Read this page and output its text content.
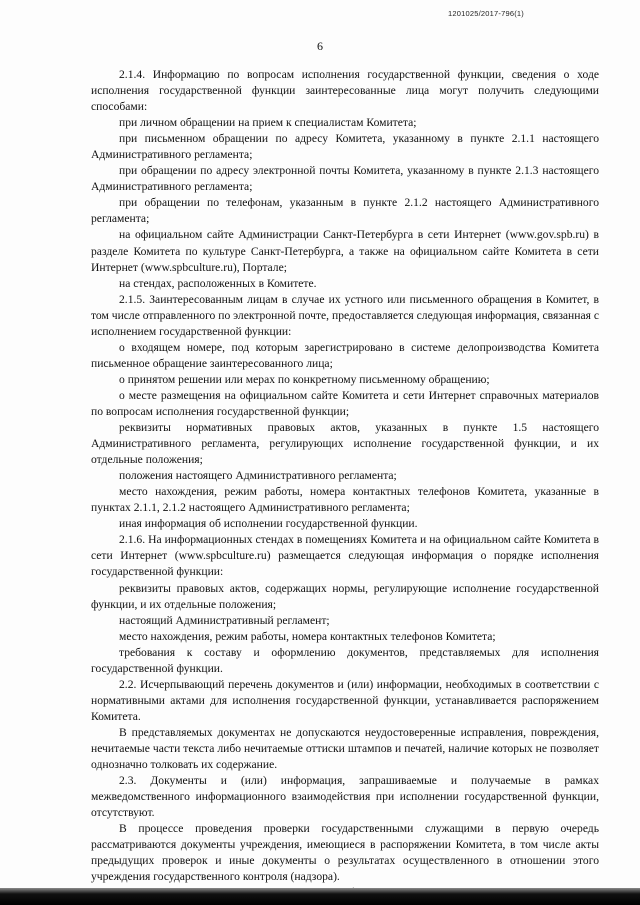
1201025/2017-796(1)
6

2.1.4. Информацию по вопросам исполнения государственной функции, сведения о ходе исполнения государственной функции заинтересованные лица могут получить следующими способами:

при личном обращении на прием к специалистам Комитета;

при письменном обращении по адресу Комитета, указанному в пункте 2.1.1 настоящего Административного регламента;

при обращении по адресу электронной почты Комитета, указанному в пункте 2.1.3 настоящего Административного регламента;

при обращении по телефонам, указанным в пункте 2.1.2 настоящего Административного регламента;

на официальном сайте Администрации Санкт-Петербурга в сети Интернет (www.gov.spb.ru) в разделе Комитета по культуре Санкт-Петербурга, а также на официальном сайте Комитета в сети Интернет (www.spbculture.ru), Портале;

на стендах, расположенных в Комитете.

2.1.5. Заинтересованным лицам в случае их устного или письменного обращения в Комитет, в том числе отправленного по электронной почте, предоставляется следующая информация, связанная с исполнением государственной функции:

о входящем номере, под которым зарегистрировано в системе делопроизводства Комитета письменное обращение заинтересованного лица;

о принятом решении или мерах по конкретному письменному обращению;

о месте размещения на официальном сайте Комитета и сети Интернет справочных материалов по вопросам исполнения государственной функции;

реквизиты нормативных правовых актов, указанных в пункте 1.5 настоящего Административного регламента, регулирующих исполнение государственной функции, и их отдельные положения;

положения настоящего Административного регламента;

место нахождения, режим работы, номера контактных телефонов Комитета, указанные в пунктах 2.1.1, 2.1.2 настоящего Административного регламента;

иная информация об исполнении государственной функции.

2.1.6. На информационных стендах в помещениях Комитета и на официальном сайте Комитета в сети Интернет (www.spbculture.ru) размещается следующая информация о порядке исполнения государственной функции:

реквизиты правовых актов, содержащих нормы, регулирующие исполнение государственной функции, и их отдельные положения;

настоящий Административный регламент;

место нахождения, режим работы, номера контактных телефонов Комитета;

требования к составу и оформлению документов, представляемых для исполнения государственной функции.

2.2. Исчерпывающий перечень документов и (или) информации, необходимых в соответствии с нормативными актами для исполнения государственной функции, устанавливается распоряжением Комитета.

В представляемых документах не допускаются неудостоверенные исправления, повреждения, нечитаемые части текста либо нечитаемые оттиски штампов и печатей, наличие которых не позволяет однозначно толковать их содержание.

2.3. Документы и (или) информация, запрашиваемые и получаемые в рамках межведомственного информационного взаимодействия при исполнении государственной функции, отсутствуют.

В процессе проведения проверки государственными служащими в первую очередь рассматриваются документы учреждения, имеющиеся в распоряжении Комитета, в том числе акты предыдущих проверок и иные документы о результатах осуществленного в отношении этого учреждения государственного контроля (надзора).
